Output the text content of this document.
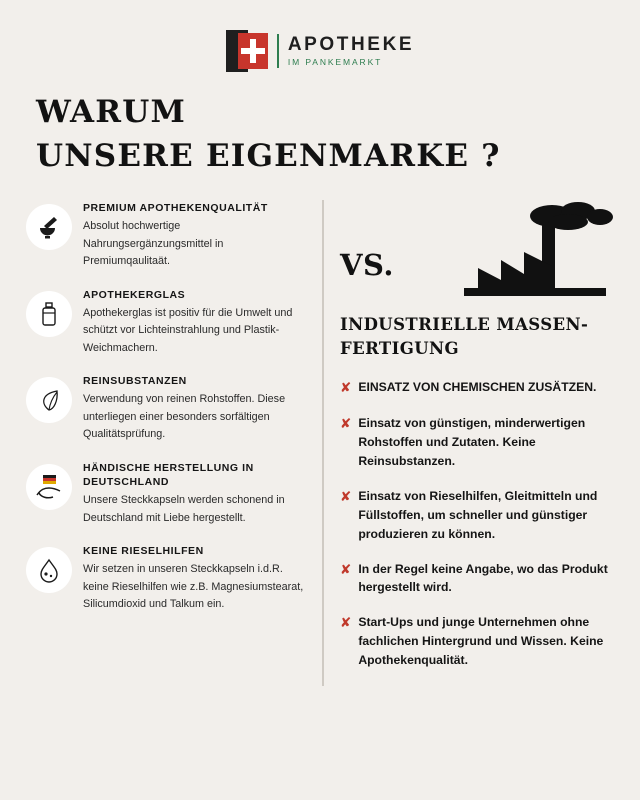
APOTHEKE
IM PANKEMARKT
WARUM
UNSERE EIGENMARKE ?
PREMIUM APOTHEKENQUALITÄT
Absolut hochwertige Nahrungsergänzungsmittel in Premiumqaulitaät.
APOTHEKERGLAS
Apothekerglas ist positiv für die Umwelt und schützt vor Lichteinstrahlung und Plastik-Weichmachern.
REINSUBSTANZEN
Verwendung von reinen Rohstoffen. Diese unterliegen einer besonders sorfältigen Qualitätsprüfung.
HÄNDISCHE HERSTELLUNG IN DEUTSCHLAND
Unsere Steckkapseln werden schonend in Deutschland mit Liebe hergestellt.
KEINE RIESELHILFEN
Wir setzen in unseren Steckkapseln i.d.R. keine Rieselhilfen wie z.B. Magnesiumstearat, Silicumdioxid und Talkum ein.
VS.
INDUSTRIELLE MASSEN-FERTIGUNG
✘ EINSATZ VON CHEMISCHEN ZUSÄTZEN.
✘ Einsatz von günstigen, minderwertigen Rohstoffen und Zutaten. Keine Reinsubstanzen.
✘ Einsatz von Rieselhilfen, Gleitmitteln und Füllstoffen, um schneller und günstiger produzieren zu können.
✘ In der Regel keine Angabe, wo das Produkt hergestellt wird.
✘ Start-Ups und junge Unternehmen ohne fachlichen Hintergrund und Wissen. Keine Apothekenqualität.
